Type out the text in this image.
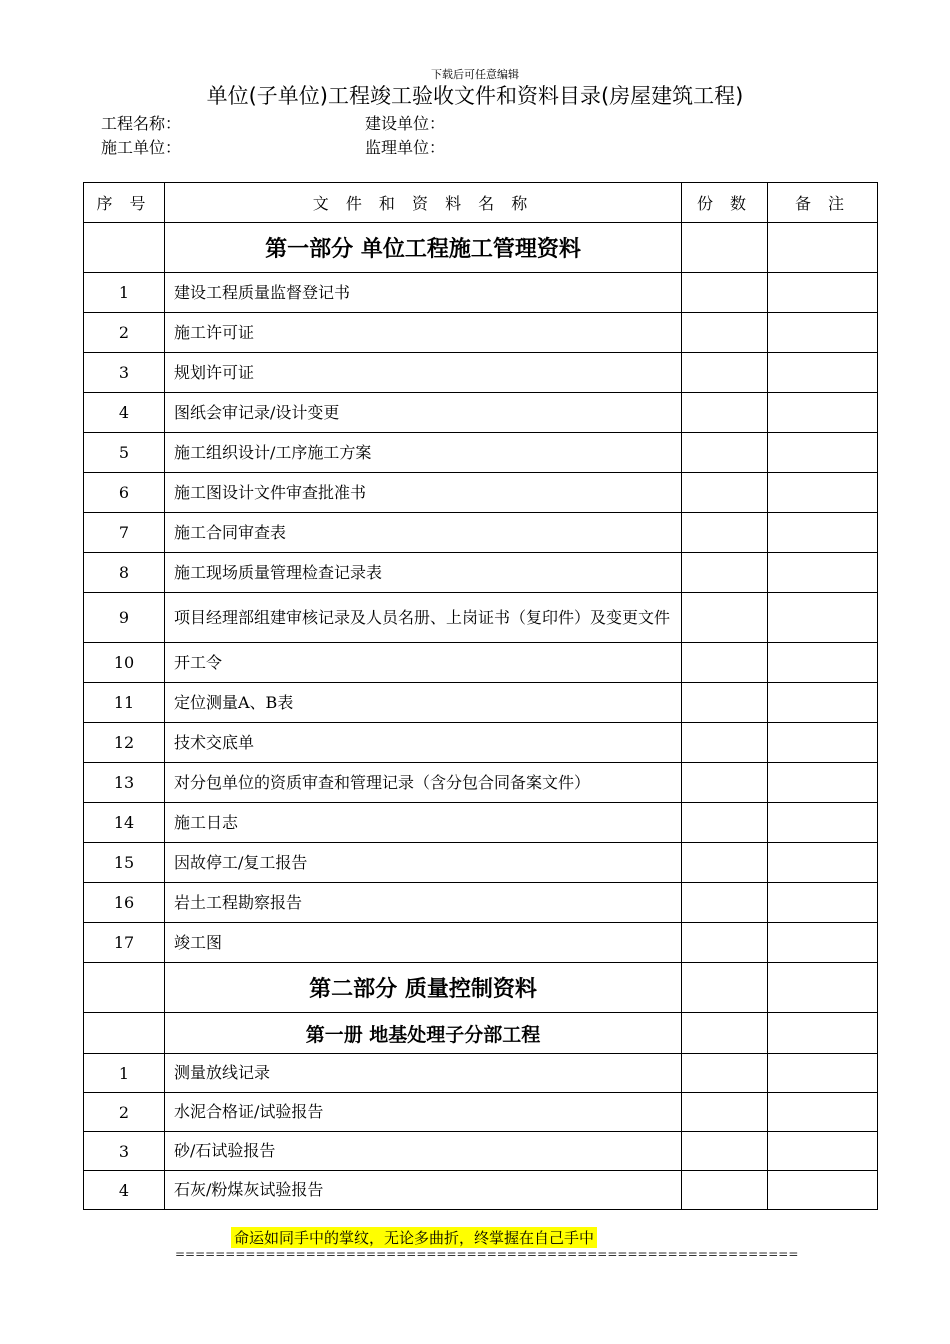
下载后可任意编辑
单位(子单位)工程竣工验收文件和资料目录(房屋建筑工程)
工程名称：	建设单位：
施工单位：	监理单位：
序 号	文 件 和 资 料 名 称	份 数	备 注
	第一部分 单位工程施工管理资料		
1	建设工程质量监督登记书		
2	施工许可证		
3	规划许可证		
4	图纸会审记录/设计变更		
5	施工组织设计/工序施工方案		
6	施工图设计文件审查批准书		
7	施工合同审查表		
8	施工现场质量管理检查记录表		
9	项目经理部组建审核记录及人员名册、上岗证书（复印件）及变更文件		
10	开工令		
11	定位测量A、B表		
12	技术交底单		
13	对分包单位的资质审查和管理记录（含分包合同备案文件）		
14	施工日志		
15	因故停工/复工报告		
16	岩土工程勘察报告		
17	竣工图		
	第二部分 质量控制资料		
	第一册 地基处理子分部工程		
1	测量放线记录		
2	水泥合格证/试验报告		
3	砂/石试验报告		
4	石灰/粉煤灰试验报告		
命运如同手中的掌纹，无论多曲折，终掌握在自己手中
==============================================================
